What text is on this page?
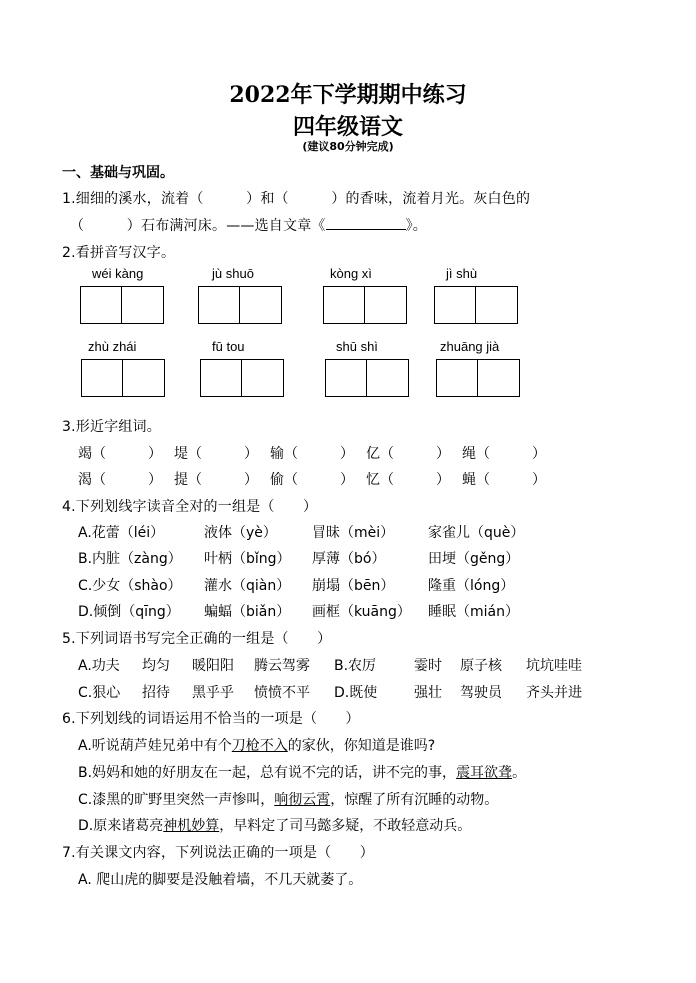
2022年下学期期中练习
四年级语文
(建议80分钟完成)
一、基础与巩固。
1.细细的溪水，流着（　　　）和（　　　）的香味，流着月光。灰白色的
（　　　）石布满河床。——选自文章《	》。
2.看拼音写汉字。
wéi kàng	jù shuō	kòng xì	jì shù
zhù zhái	fū tou	shū shì	zhuāng jià
3.形近字组词。
竭（　　　） 堤（　　　） 输（　　　） 亿（　　　） 绳（　　　）
渴（　　　） 提（　　　） 偷（　　　） 忆（　　　） 蝇（　　　）
4.下列划线字读音全对的一组是（　　）
A.花蕾（léi）	液体（yè）	冒昧（mèi） 家雀儿（què）
B.内脏（zàng） 叶柄（bǐng） 厚薄（bó）	田埂（gěng）
C.少女（shào） 灌水（qiàn） 崩塌（bēn） 隆重（lóng）
D.倾倒（qīng） 蝙蝠（biǎn） 画框（kuāng） 睡眠（mián）
5.下列词语书写完全正确的一组是（　　）
A.功夫 均匀 暖阳阳 腾云驾雾 B.农厉	霎时 原子核 坑坑哇哇
C.狠心 招待 黑乎乎 愤愤不平 D.既使	强壮 驾驶员 齐头并进
6.下列划线的词语运用不恰当的一项是（　　）
A.听说葫芦娃兄弟中有个刀枪不入的家伙，你知道是谁吗?
B.妈妈和她的好朋友在一起，总有说不完的话，讲不完的事，震耳欲聋。
C.漆黑的旷野里突然一声惨叫，响彻云霄，惊醒了所有沉睡的动物。
D.原来诸葛亮神机妙算，早料定了司马懿多疑，不敢轻意动兵。
7.有关课文内容，下列说法正确的一项是（　　）
A. 爬山虎的脚要是没触着墙，不几天就萎了。
